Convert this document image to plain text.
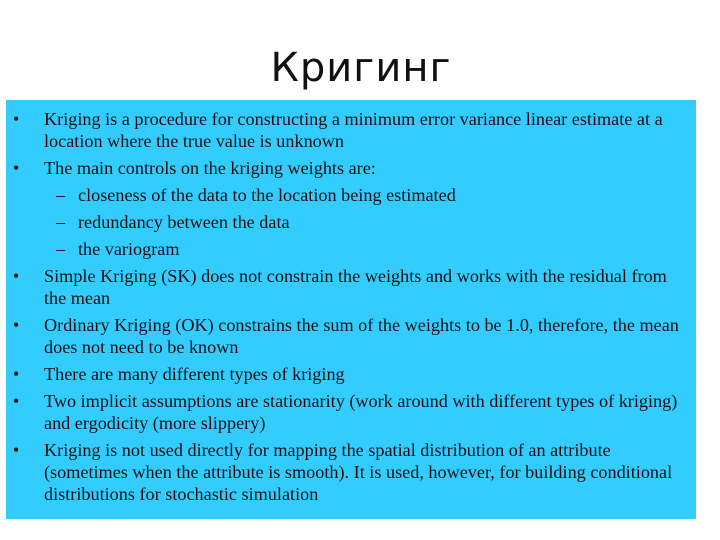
Кригинг
• Kriging is a procedure for constructing a minimum error variance linear estimate at a location where the true value is unknown
• The main controls on the kriging weights are:
– closeness of the data to the location being estimated
– redundancy between the data
– the variogram
• Simple Kriging (SK) does not constrain the weights and works with the residual from the mean
• Ordinary Kriging (OK) constrains the sum of the weights to be 1.0, therefore, the mean does not need to be known
• There are many different types of kriging
• Two implicit assumptions are stationarity (work around with different types of kriging) and ergodicity (more slippery)
• Kriging is not used directly for mapping the spatial distribution of an attribute (sometimes when the attribute is smooth). It is used, however, for building conditional distributions for stochastic simulation
